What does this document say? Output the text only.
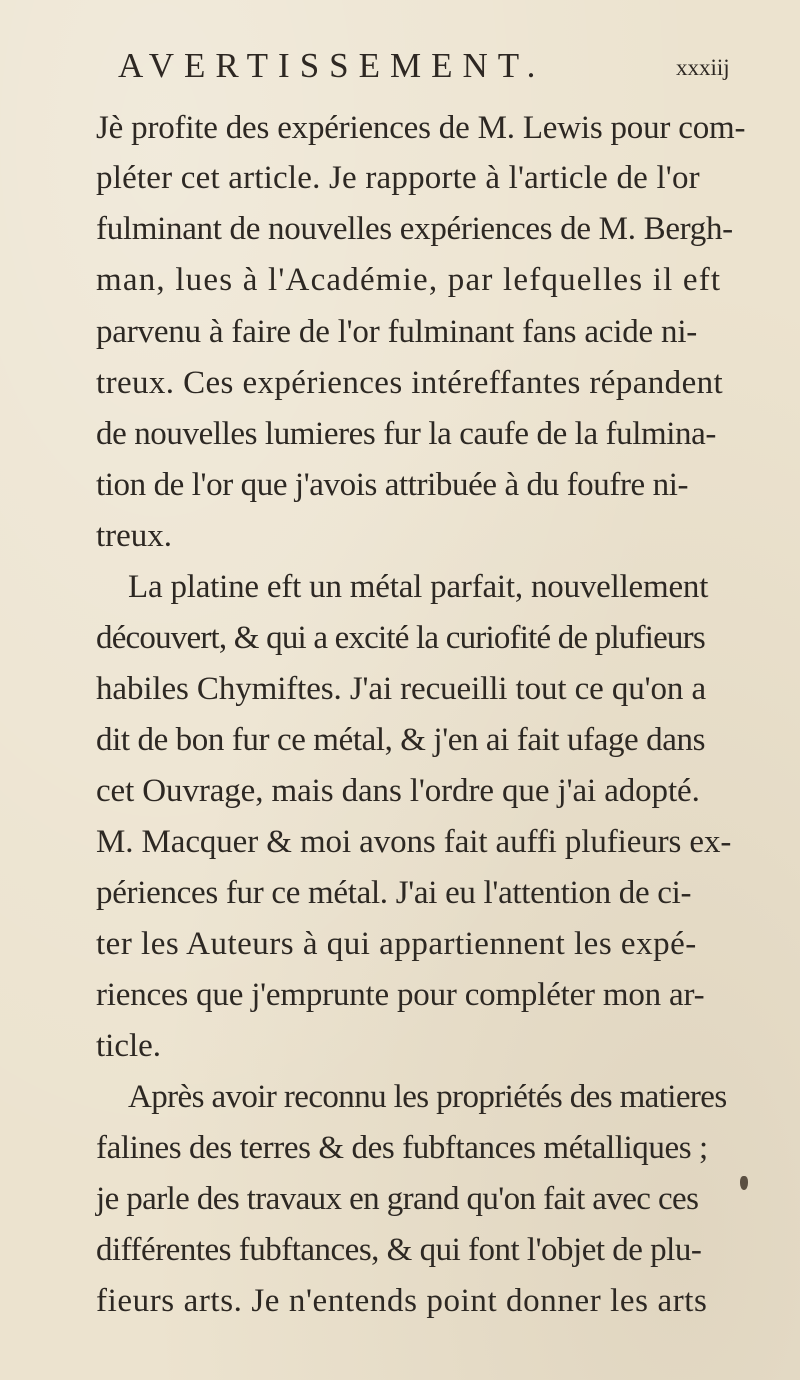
AVERTISSEMENT.	xxxiij
Jè profite des expériences de M. Lewis pour com-
pléter cet article. Je rapporte à l'article de l'or
fulminant de nouvelles expériences de M. Bergh-
man, lues à l'Académie, par lefquelles il eft
parvenu à faire de l'or fulminant fans acide ni-
treux. Ces expériences intéreffantes répandent
de nouvelles lumieres fur la caufe de la fulmina-
tion de l'or que j'avois attribuée à du foufre ni-
treux.
La platine eft un métal parfait, nouvellement
découvert, & qui a excité la curiofité de plufieurs
habiles Chymiftes. J'ai recueilli tout ce qu'on a
dit de bon fur ce métal, & j'en ai fait ufage dans
cet Ouvrage, mais dans l'ordre que j'ai adopté.
M. Macquer & moi avons fait auffi plufieurs ex-
périences fur ce métal. J'ai eu l'attention de ci-
ter les Auteurs à qui appartiennent les expé-
riences que j'emprunte pour compléter mon ar-
ticle.
Après avoir reconnu les propriétés des matieres
falines des terres & des fubftances métalliques ;
je parle des travaux en grand qu'on fait avec ces
différentes fubftances, & qui font l'objet de plu-
fieurs arts. Je n'entends point donner les arts
